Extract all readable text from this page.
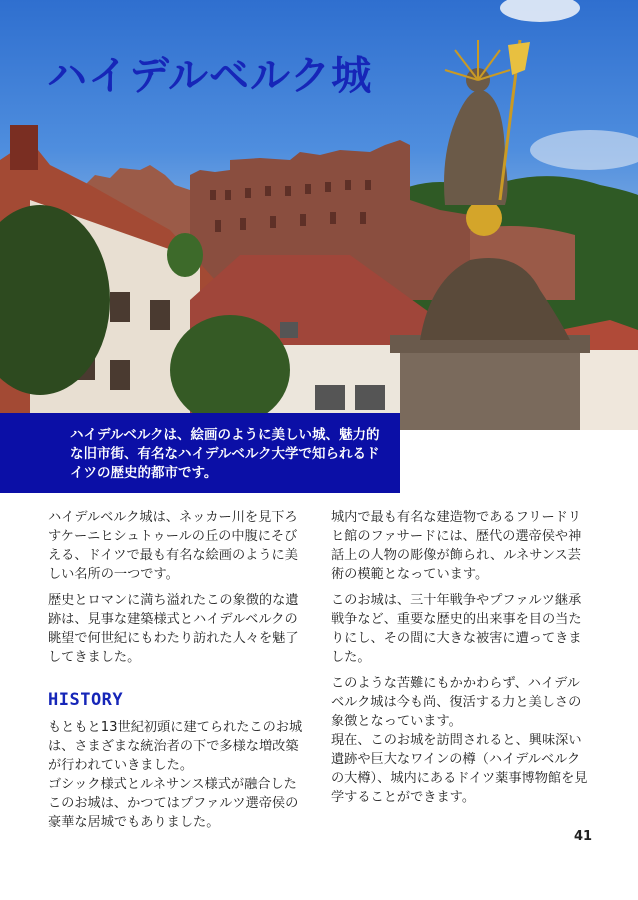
ハイデルベルク城

ハイデルベルクは、絵画のように美しい城、魅力的な旧市街、有名なハイデルベルク大学で知られるドイツの歴史的都市です。

ハイデルベルク城は、ネッカー川を見下ろすケーニヒシュトゥールの丘の中腹にそびえる、ドイツで最も有名な絵画のように美しい名所の一つです。

歴史とロマンに満ち溢れたこの象徴的な遺跡は、見事な建築様式とハイデルベルクの眺望で何世紀にもわたり訪れた人々を魅了してきました。

HISTORY

もともと13世紀初頭に建てられたこのお城は、さまざまな統治者の下で多様な増改築が行われていきました。

ゴシック様式とルネサンス様式が融合したこのお城は、かつてはプファルツ選帝侯の豪華な居城でもありました。

城内で最も有名な建造物であるフリードリヒ館のファサードには、歴代の選帝侯や神話上の人物の彫像が飾られ、ルネサンス芸術の模範となっています。

このお城は、三十年戦争やプファルツ継承戦争など、重要な歴史的出来事を目の当たりにし、その間に大きな被害に遭ってきました。

このような苦難にもかかわらず、ハイデルベルク城は今も尚、復活する力と美しさの象徴となっています。

現在、このお城を訪問されると、興味深い遺跡や巨大なワインの樽（ハイデルベルクの大樽）、城内にあるドイツ薬事博物館を見学することができます。

41
